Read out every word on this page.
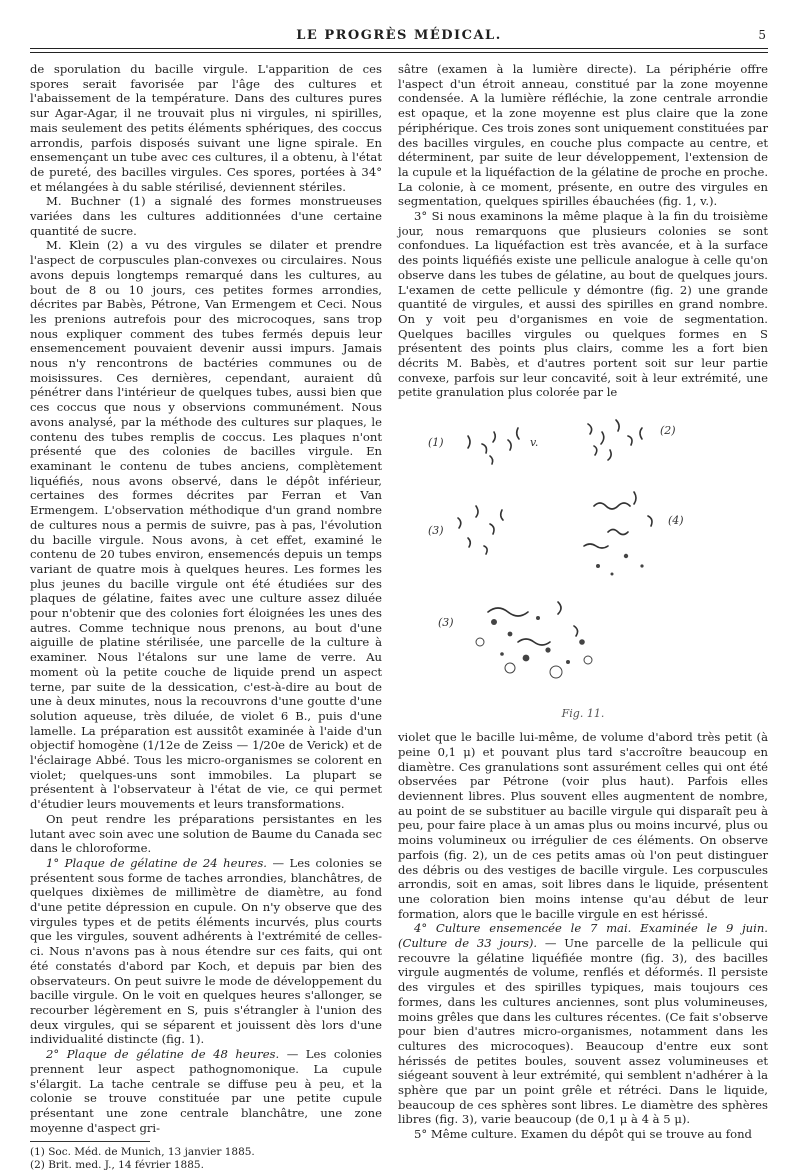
LE PROGRÈS MÉDICAL.	5

de sporulation du bacille virgule. L'apparition de ces spores serait favorisée par l'âge des cultures et l'abaissement de la température. Dans des cultures pures sur Agar-Agar, il ne trouvait plus ni virgules, ni spirilles, mais seulement des petits éléments sphériques, des coccus arrondis, parfois disposés suivant une ligne spirale. En ensemençant un tube avec ces cultures, il a obtenu, à l'état de pureté, des bacilles virgules. Ces spores, portées à 34° et mélangées à du sable stérilisé, deviennent stériles.

M. Buchner (1) a signalé des formes monstrueuses variées dans les cultures additionnées d'une certaine quantité de sucre.

M. Klein (2) a vu des virgules se dilater et prendre l'aspect de corpuscules plan-convexes ou circulaires. Nous avons depuis longtemps remarqué dans les cultures, au bout de 8 ou 10 jours, ces petites formes arrondies, décrites par Babès, Pétrone, Van Ermengem et Ceci. Nous les prenions autrefois pour des microcoques, sans trop nous expliquer comment des tubes fermés depuis leur ensemencement pouvaient devenir aussi impurs. Jamais nous n'y rencontrons de bactéries communes ou de moisissures. Ces dernières, cependant, auraient dû pénétrer dans l'intérieur de quelques tubes, aussi bien que ces coccus que nous y observions communément. Nous avons analysé, par la méthode des cultures sur plaques, le contenu des tubes remplis de coccus. Les plaques n'ont présenté que des colonies de bacilles virgule. En examinant le contenu de tubes anciens, complètement liquéfiés, nous avons observé, dans le dépôt inférieur, certaines des formes décrites par Ferran et Van Ermengem. L'observation méthodique d'un grand nombre de cultures nous a permis de suivre, pas à pas, l'évolution du bacille virgule. Nous avons, à cet effet, examiné le contenu de 20 tubes environ, ensemencés depuis un temps variant de quatre mois à quelques heures. Les formes les plus jeunes du bacille virgule ont été étudiées sur des plaques de gélatine, faites avec une culture assez diluée pour n'obtenir que des colonies fort éloignées les unes des autres. Comme technique nous prenons, au bout d'une aiguille de platine stérilisée, une parcelle de la culture à examiner. Nous l'étalons sur une lame de verre. Au moment où la petite couche de liquide prend un aspect terne, par suite de la dessication, c'est-à-dire au bout de une à deux minutes, nous la recouvrons d'une goutte d'une solution aqueuse, très diluée, de violet 6 B., puis d'une lamelle. La préparation est aussitôt examinée à l'aide d'un objectif homogène (1/12e de Zeiss — 1/20e de Verick) et de l'éclairage Abbé. Tous les micro-organismes se colorent en violet; quelques-uns sont immobiles. La plupart se présentent à l'observateur à l'état de vie, ce qui permet d'étudier leurs mouvements et leurs transformations.

On peut rendre les préparations persistantes en les lutant avec soin avec une solution de Baume du Canada sec dans le chloroforme.

1° Plaque de gélatine de 24 heures. — Les colonies se présentent sous forme de taches arrondies, blanchâtres, de quelques dixièmes de millimètre de diamètre, au fond d'une petite dépression en cupule. On n'y observe que des virgules types et de petits éléments incurvés, plus courts que les virgules, souvent adhérents à l'extrémité de celles-ci. Nous n'avons pas à nous étendre sur ces faits, qui ont été constatés d'abord par Koch, et depuis par bien des observateurs. On peut suivre le mode de développement du bacille virgule. On le voit en quelques heures s'allonger, se recourber légèrement en S, puis s'étrangler à l'union des deux virgules, qui se séparent et jouissent dès lors d'une individualité distincte (fig. 1).

2° Plaque de gélatine de 48 heures. — Les colonies prennent leur aspect pathognomonique. La cupule s'élargit. La tache centrale se diffuse peu à peu, et la colonie se trouve constituée par une petite cupule présentant une zone centrale blanchâtre, une zone moyenne d'aspect gri-

(1) Soc. Méd. de Munich, 13 janvier 1885.

(2) Brit. med. J., 14 février 1885.

sâtre (examen à la lumière directe). La périphérie offre l'aspect d'un étroit anneau, constitué par la zone moyenne condensée. A la lumière réfléchie, la zone centrale arrondie est opaque, et la zone moyenne est plus claire que la zone périphérique. Ces trois zones sont uniquement constituées par des bacilles virgules, en couche plus compacte au centre, et déterminent, par suite de leur développement, l'extension de la cupule et la liquéfaction de la gélatine de proche en proche. La colonie, à ce moment, présente, en outre des virgules en segmentation, quelques spirilles ébauchées (fig. 1, v.).

3° Si nous examinons la même plaque à la fin du troisième jour, nous remarquons que plusieurs colonies se sont confondues. La liquéfaction est très avancée, et à la surface des points liquéfiés existe une pellicule analogue à celle qu'on observe dans les tubes de gélatine, au bout de quelques jours. L'examen de cette pellicule y démontre (fig. 2) une grande quantité de virgules, et aussi des spirilles en grand nombre. On y voit peu d'organismes en voie de segmentation. Quelques bacilles virgules ou quelques formes en S présentent des points plus clairs, comme les a fort bien décrits M. Babès, et d'autres portent soit sur leur partie convexe, parfois sur leur concavité, soit à leur extrémité, une petite granulation plus colorée par le

(1)
(2)
(3)
(4)
(3)
v.
Fig. 11.

violet que le bacille lui-même, de volume d'abord très petit (à peine 0,1 μ) et pouvant plus tard s'accroître beaucoup en diamètre. Ces granulations sont assurément celles qui ont été observées par Pétrone (voir plus haut). Parfois elles deviennent libres. Plus souvent elles augmentent de nombre, au point de se substituer au bacille virgule qui disparaît peu à peu, pour faire place à un amas plus ou moins incurvé, plus ou moins volumineux ou irrégulier de ces éléments. On observe parfois (fig. 2), un de ces petits amas où l'on peut distinguer des débris ou des vestiges de bacille virgule. Les corpuscules arrondis, soit en amas, soit libres dans le liquide, présentent une coloration bien moins intense qu'au début de leur formation, alors que le bacille virgule en est hérissé.

4° Culture ensemencée le 7 mai. Examinée le 9 juin. (Culture de 33 jours). — Une parcelle de la pellicule qui recouvre la gélatine liquéfiée montre (fig. 3), des bacilles virgule augmentés de volume, renflés et déformés. Il persiste des virgules et des spirilles typiques, mais toujours ces formes, dans les cultures anciennes, sont plus volumineuses, moins grêles que dans les cultures récentes. (Ce fait s'observe pour bien d'autres micro-organismes, notamment dans les cultures des microcoques). Beaucoup d'entre eux sont hérissés de petites boules, souvent assez volumineuses et siégeant souvent à leur extrémité, qui semblent n'adhérer à la sphère que par un point grêle et rétréci. Dans le liquide, beaucoup de ces sphères sont libres. Le diamètre des sphères libres (fig. 3), varie beaucoup (de 0,1 μ à 4 à 5 μ).

5° Même culture. Examen du dépôt qui se trouve au fond
